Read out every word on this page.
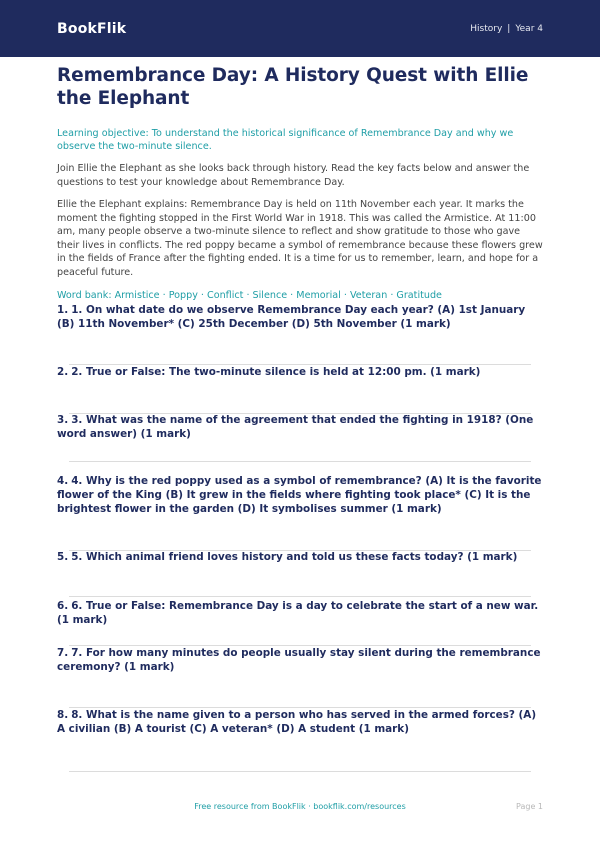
BookFlik	History | Year 4
Remembrance Day: A History Quest with Ellie the Elephant

Learning objective: To understand the historical significance of Remembrance Day and why we observe the two-minute silence.

Join Ellie the Elephant as she looks back through history. Read the key facts below and answer the questions to test your knowledge about Remembrance Day.

Ellie the Elephant explains: Remembrance Day is held on 11th November each year. It marks the moment the fighting stopped in the First World War in 1918. This was called the Armistice. At 11:00 am, many people observe a two-minute silence to reflect and show gratitude to those who gave their lives in conflicts. The red poppy became a symbol of remembrance because these flowers grew in the fields of France after the fighting ended. It is a time for us to remember, learn, and hope for a peaceful future.

Word bank: Armistice · Poppy · Conflict · Silence · Memorial · Veteran · Gratitude

1. 1. On what date do we observe Remembrance Day each year? (A) 1st January (B) 11th November* (C) 25th December (D) 5th November (1 mark)
2. 2. True or False: The two-minute silence is held at 12:00 pm. (1 mark)
3. 3. What was the name of the agreement that ended the fighting in 1918? (One word answer) (1 mark)
4. 4. Why is the red poppy used as a symbol of remembrance? (A) It is the favorite flower of the King (B) It grew in the fields where fighting took place* (C) It is the brightest flower in the garden (D) It symbolises summer (1 mark)
5. 5. Which animal friend loves history and told us these facts today? (1 mark)
6. 6. True or False: Remembrance Day is a day to celebrate the start of a new war. (1 mark)
7. 7. For how many minutes do people usually stay silent during the remembrance ceremony? (1 mark)
8. 8. What is the name given to a person who has served in the armed forces? (A) A civilian (B) A tourist (C) A veteran* (D) A student (1 mark)
Free resource from BookFlik · bookflik.com/resources	Page 1
